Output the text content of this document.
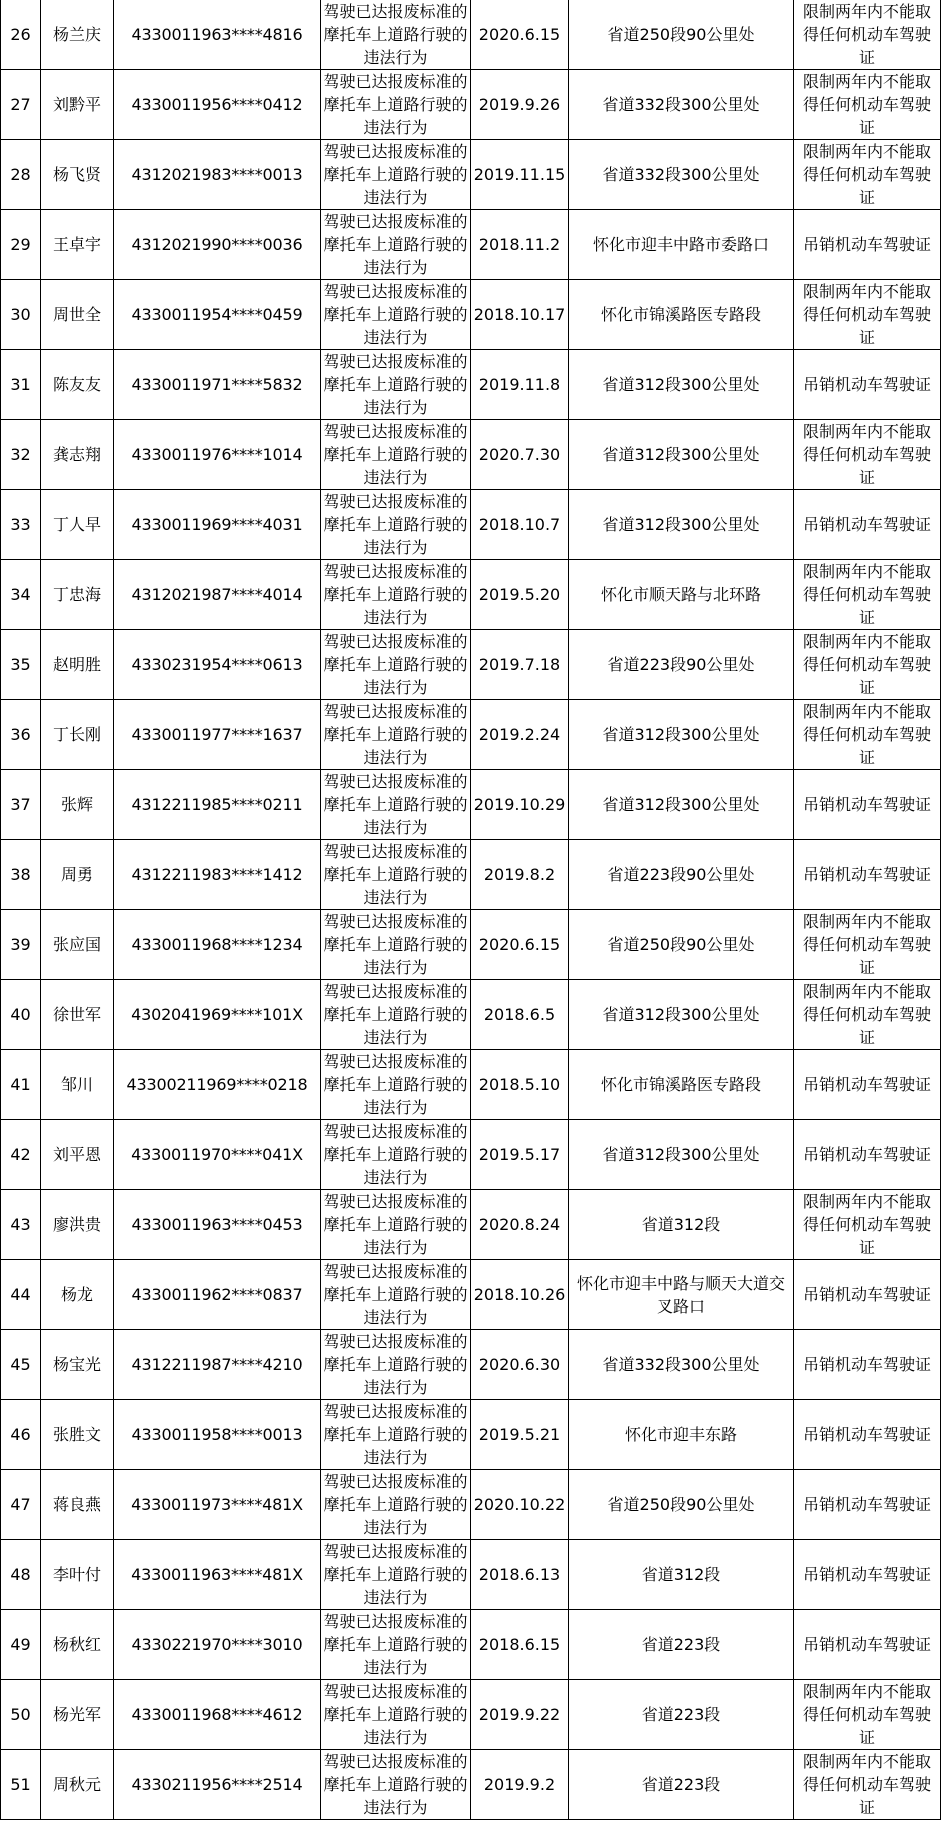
26	杨兰庆	4330011963****4816	驾驶已达报废标准的摩托车上道路行驶的违法行为	2020.6.15	省道250段90公里处	限制两年内不能取得任何机动车驾驶证
27	刘黔平	4330011956****0412	驾驶已达报废标准的摩托车上道路行驶的违法行为	2019.9.26	省道332段300公里处	限制两年内不能取得任何机动车驾驶证
28	杨飞贤	4312021983****0013	驾驶已达报废标准的摩托车上道路行驶的违法行为	2019.11.15	省道332段300公里处	限制两年内不能取得任何机动车驾驶证
29	王卓宇	4312021990****0036	驾驶已达报废标准的摩托车上道路行驶的违法行为	2018.11.2	怀化市迎丰中路市委路口	吊销机动车驾驶证
30	周世全	4330011954****0459	驾驶已达报废标准的摩托车上道路行驶的违法行为	2018.10.17	怀化市锦溪路医专路段	限制两年内不能取得任何机动车驾驶证
31	陈友友	4330011971****5832	驾驶已达报废标准的摩托车上道路行驶的违法行为	2019.11.8	省道312段300公里处	吊销机动车驾驶证
32	龚志翔	4330011976****1014	驾驶已达报废标准的摩托车上道路行驶的违法行为	2020.7.30	省道312段300公里处	限制两年内不能取得任何机动车驾驶证
33	丁人早	4330011969****4031	驾驶已达报废标准的摩托车上道路行驶的违法行为	2018.10.7	省道312段300公里处	吊销机动车驾驶证
34	丁忠海	4312021987****4014	驾驶已达报废标准的摩托车上道路行驶的违法行为	2019.5.20	怀化市顺天路与北环路	限制两年内不能取得任何机动车驾驶证
35	赵明胜	4330231954****0613	驾驶已达报废标准的摩托车上道路行驶的违法行为	2019.7.18	省道223段90公里处	限制两年内不能取得任何机动车驾驶证
36	丁长刚	4330011977****1637	驾驶已达报废标准的摩托车上道路行驶的违法行为	2019.2.24	省道312段300公里处	限制两年内不能取得任何机动车驾驶证
37	张辉	4312211985****0211	驾驶已达报废标准的摩托车上道路行驶的违法行为	2019.10.29	省道312段300公里处	吊销机动车驾驶证
38	周勇	4312211983****1412	驾驶已达报废标准的摩托车上道路行驶的违法行为	2019.8.2	省道223段90公里处	吊销机动车驾驶证
39	张应国	4330011968****1234	驾驶已达报废标准的摩托车上道路行驶的违法行为	2020.6.15	省道250段90公里处	限制两年内不能取得任何机动车驾驶证
40	徐世军	4302041969****101X	驾驶已达报废标准的摩托车上道路行驶的违法行为	2018.6.5	省道312段300公里处	限制两年内不能取得任何机动车驾驶证
41	邹川	43300211969****0218	驾驶已达报废标准的摩托车上道路行驶的违法行为	2018.5.10	怀化市锦溪路医专路段	吊销机动车驾驶证
42	刘平恩	4330011970****041X	驾驶已达报废标准的摩托车上道路行驶的违法行为	2019.5.17	省道312段300公里处	吊销机动车驾驶证
43	廖洪贵	4330011963****0453	驾驶已达报废标准的摩托车上道路行驶的违法行为	2020.8.24	省道312段	限制两年内不能取得任何机动车驾驶证
44	杨龙	4330011962****0837	驾驶已达报废标准的摩托车上道路行驶的违法行为	2018.10.26	怀化市迎丰中路与顺天大道交叉路口	吊销机动车驾驶证
45	杨宝光	4312211987****4210	驾驶已达报废标准的摩托车上道路行驶的违法行为	2020.6.30	省道332段300公里处	吊销机动车驾驶证
46	张胜文	4330011958****0013	驾驶已达报废标准的摩托车上道路行驶的违法行为	2019.5.21	怀化市迎丰东路	吊销机动车驾驶证
47	蒋良燕	4330011973****481X	驾驶已达报废标准的摩托车上道路行驶的违法行为	2020.10.22	省道250段90公里处	吊销机动车驾驶证
48	李叶付	4330011963****481X	驾驶已达报废标准的摩托车上道路行驶的违法行为	2018.6.13	省道312段	吊销机动车驾驶证
49	杨秋红	4330221970****3010	驾驶已达报废标准的摩托车上道路行驶的违法行为	2018.6.15	省道223段	吊销机动车驾驶证
50	杨光军	4330011968****4612	驾驶已达报废标准的摩托车上道路行驶的违法行为	2019.9.22	省道223段	限制两年内不能取得任何机动车驾驶证
51	周秋元	4330211956****2514	驾驶已达报废标准的摩托车上道路行驶的违法行为	2019.9.2	省道223段	限制两年内不能取得任何机动车驾驶证
